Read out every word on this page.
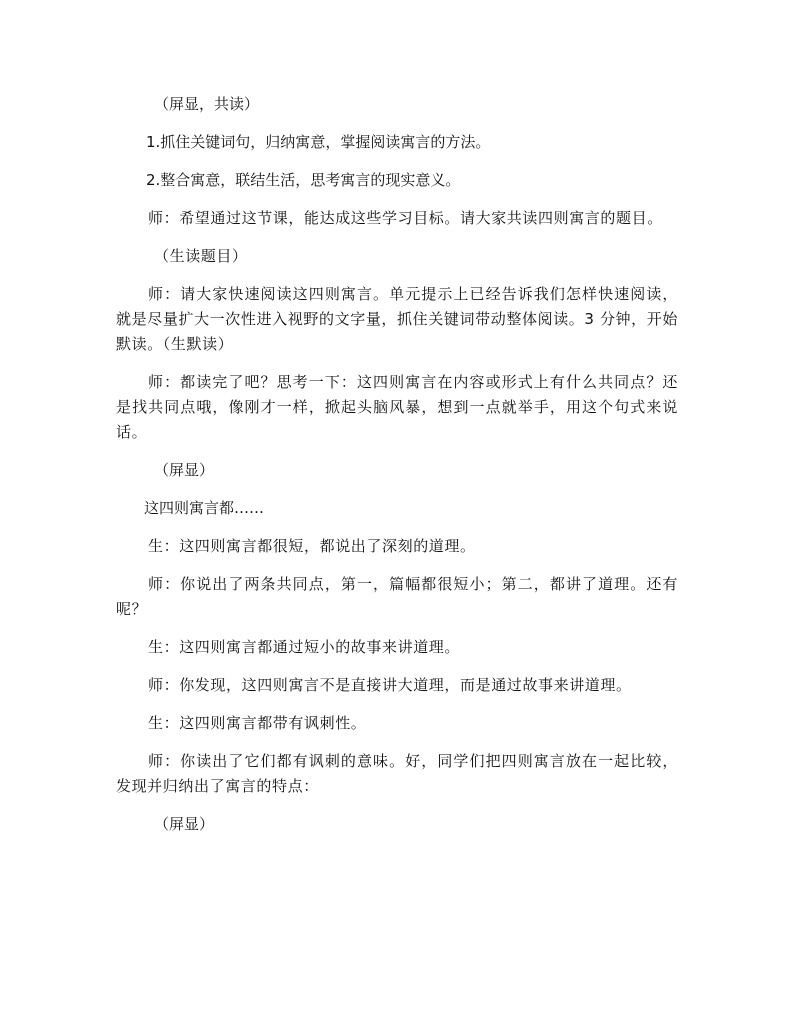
（屏显，共读）

1.抓住关键词句，归纳寓意，掌握阅读寓言的方法。

2.整合寓意，联结生活，思考寓言的现实意义。

师：希望通过这节课，能达成这些学习目标。请大家共读四则寓言的题目。

（生读题目）

师：请大家快速阅读这四则寓言。单元提示上已经告诉我们怎样快速阅读，就是尽量扩大一次性进入视野的文字量，抓住关键词带动整体阅读。3 分钟，开始默读。（生默读）

师：都读完了吧？思考一下：这四则寓言在内容或形式上有什么共同点？还是找共同点哦，像刚才一样，掀起头脑风暴，想到一点就举手，用这个句式来说话。

（屏显）

这四则寓言都……

生：这四则寓言都很短，都说出了深刻的道理。

师：你说出了两条共同点，第一，篇幅都很短小；第二，都讲了道理。还有呢？

生：这四则寓言都通过短小的故事来讲道理。

师：你发现，这四则寓言不是直接讲大道理，而是通过故事来讲道理。

生：这四则寓言都带有讽刺性。

师：你读出了它们都有讽刺的意味。好，同学们把四则寓言放在一起比较，发现并归纳出了寓言的特点：

（屏显）
